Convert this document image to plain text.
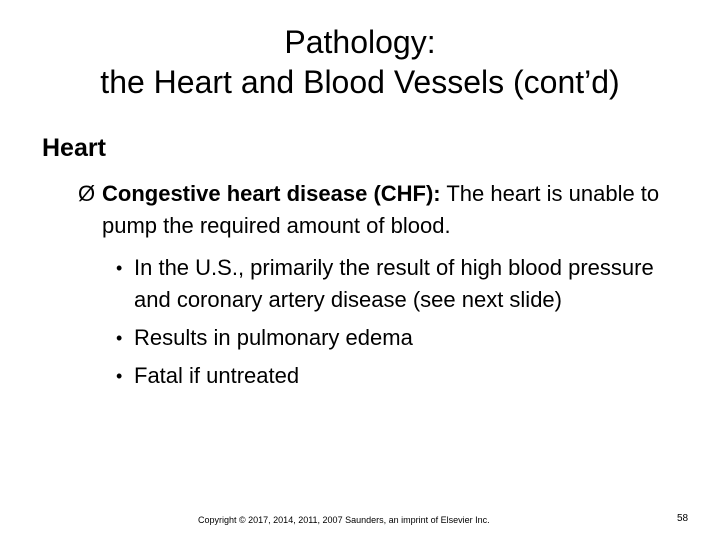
Pathology:
the Heart and Blood Vessels (cont’d)
Heart
Ø Congestive heart disease (CHF): The heart is unable to pump the required amount of blood.
• In the U.S., primarily the result of high blood pressure and coronary artery disease (see next slide)
• Results in pulmonary edema
• Fatal if untreated
Copyright © 2017, 2014, 2011, 2007 Saunders, an imprint of Elsevier Inc.	58
